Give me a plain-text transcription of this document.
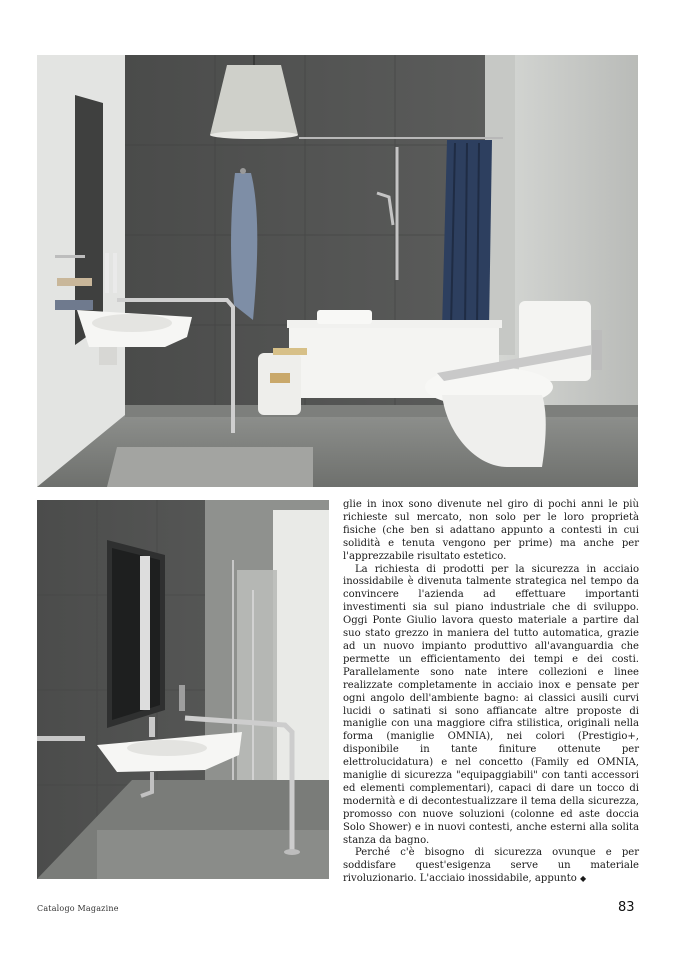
glie in inox sono divenute nel giro di pochi anni le più richieste sul mercato, non solo per le loro proprietà fisiche (che ben si adattano appunto a contesti in cui solidità e tenuta vengono per prime) ma anche per l'apprezzabile risultato estetico.

La richiesta di prodotti per la sicurezza in acciaio inossidabile è divenuta talmente strategica nel tempo da convincere l'azienda ad effettuare importanti investimenti sia sul piano industriale che di sviluppo. Oggi Ponte Giulio lavora questo materiale a partire dal suo stato grezzo in maniera del tutto automatica, grazie ad un nuovo impianto produttivo all'avanguardia che permette un efficientamento dei tempi e dei costi. Parallelamente sono nate intere collezioni e linee realizzate completamente in acciaio inox e pensate per ogni angolo dell'ambiente bagno: ai classici ausili curvi lucidi o satinati si sono affiancate altre proposte di maniglie con una maggiore cifra stilistica, originali nella forma (maniglie OMNIA), nei colori (Prestigio+, disponibile in tante finiture ottenute per elettrolucidatura) e nel concetto (Family ed OMNIA, maniglie di sicurezza "equipaggiabili" con tanti accessori ed elementi complementari), capaci di dare un tocco di modernità e di decontestualizzare il tema della sicurezza, promosso con nuove soluzioni (colonne ed aste doccia Solo Shower) e in nuovi contesti, anche esterni alla solita stanza da bagno.

Perché c'è bisogno di sicurezza ovunque e per soddisfare quest'esigenza serve un materiale rivoluzionario. L'acciaio inossidabile, appunto ◆

Catalogo Magazine	83
